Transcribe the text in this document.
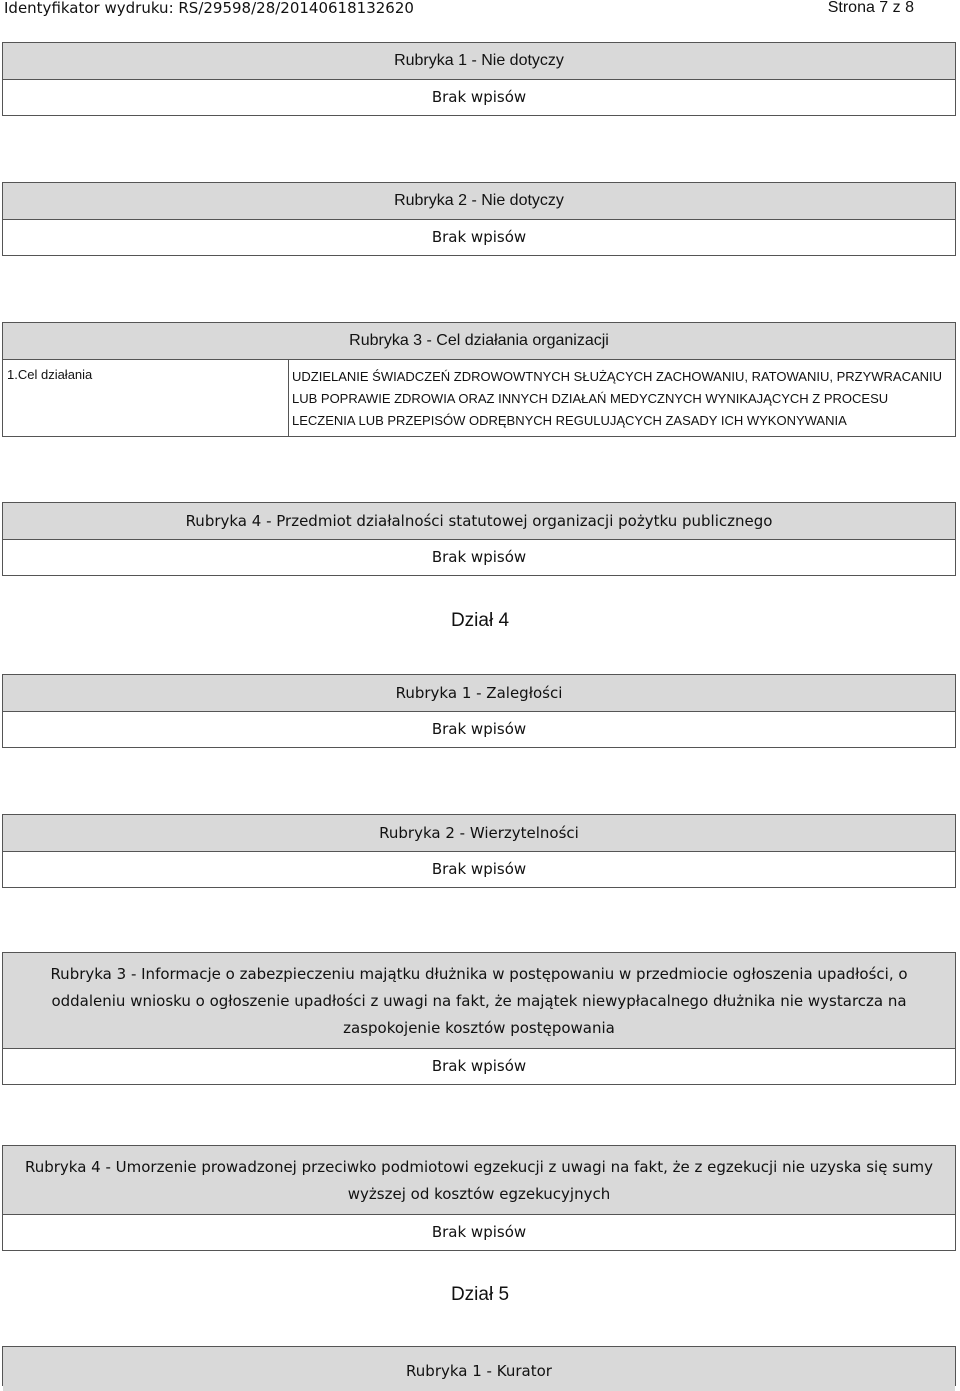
Identyfikator wydruku: RS/29598/28/20140618132620	Strona 7 z 8
Rubryka 1 - Nie dotyczy
Brak wpisów
Rubryka 2 - Nie dotyczy
Brak wpisów
Rubryka 3 - Cel działania organizacji
1.Cel działania	UDZIELANIE ŚWIADCZEŃ ZDROWOWTNYCH SŁUŻĄCYCH ZACHOWANIU, RATOWANIU, PRZYWRACANIU LUB POPRAWIE ZDROWIA ORAZ INNYCH DZIAŁAŃ MEDYCZNYCH WYNIKAJĄCYCH Z PROCESU LECZENIA LUB PRZEPISÓW ODRĘBNYCH REGULUJĄCYCH ZASADY ICH WYKONYWANIA
Rubryka 4 - Przedmiot działalności statutowej organizacji pożytku publicznego
Brak wpisów
Dział 4
Rubryka 1 - Zaległości
Brak wpisów
Rubryka 2 - Wierzytelności
Brak wpisów
Rubryka 3 - Informacje o zabezpieczeniu majątku dłużnika w postępowaniu w przedmiocie ogłoszenia upadłości, o oddaleniu wniosku o ogłoszenie upadłości z uwagi na fakt, że majątek niewypłacalnego dłużnika nie wystarcza na zaspokojenie kosztów postępowania
Brak wpisów
Rubryka 4 - Umorzenie prowadzonej przeciwko podmiotowi egzekucji z uwagi na fakt, że z egzekucji nie uzyska się sumy wyższej od kosztów egzekucyjnych
Brak wpisów
Dział 5
Rubryka 1 - Kurator
